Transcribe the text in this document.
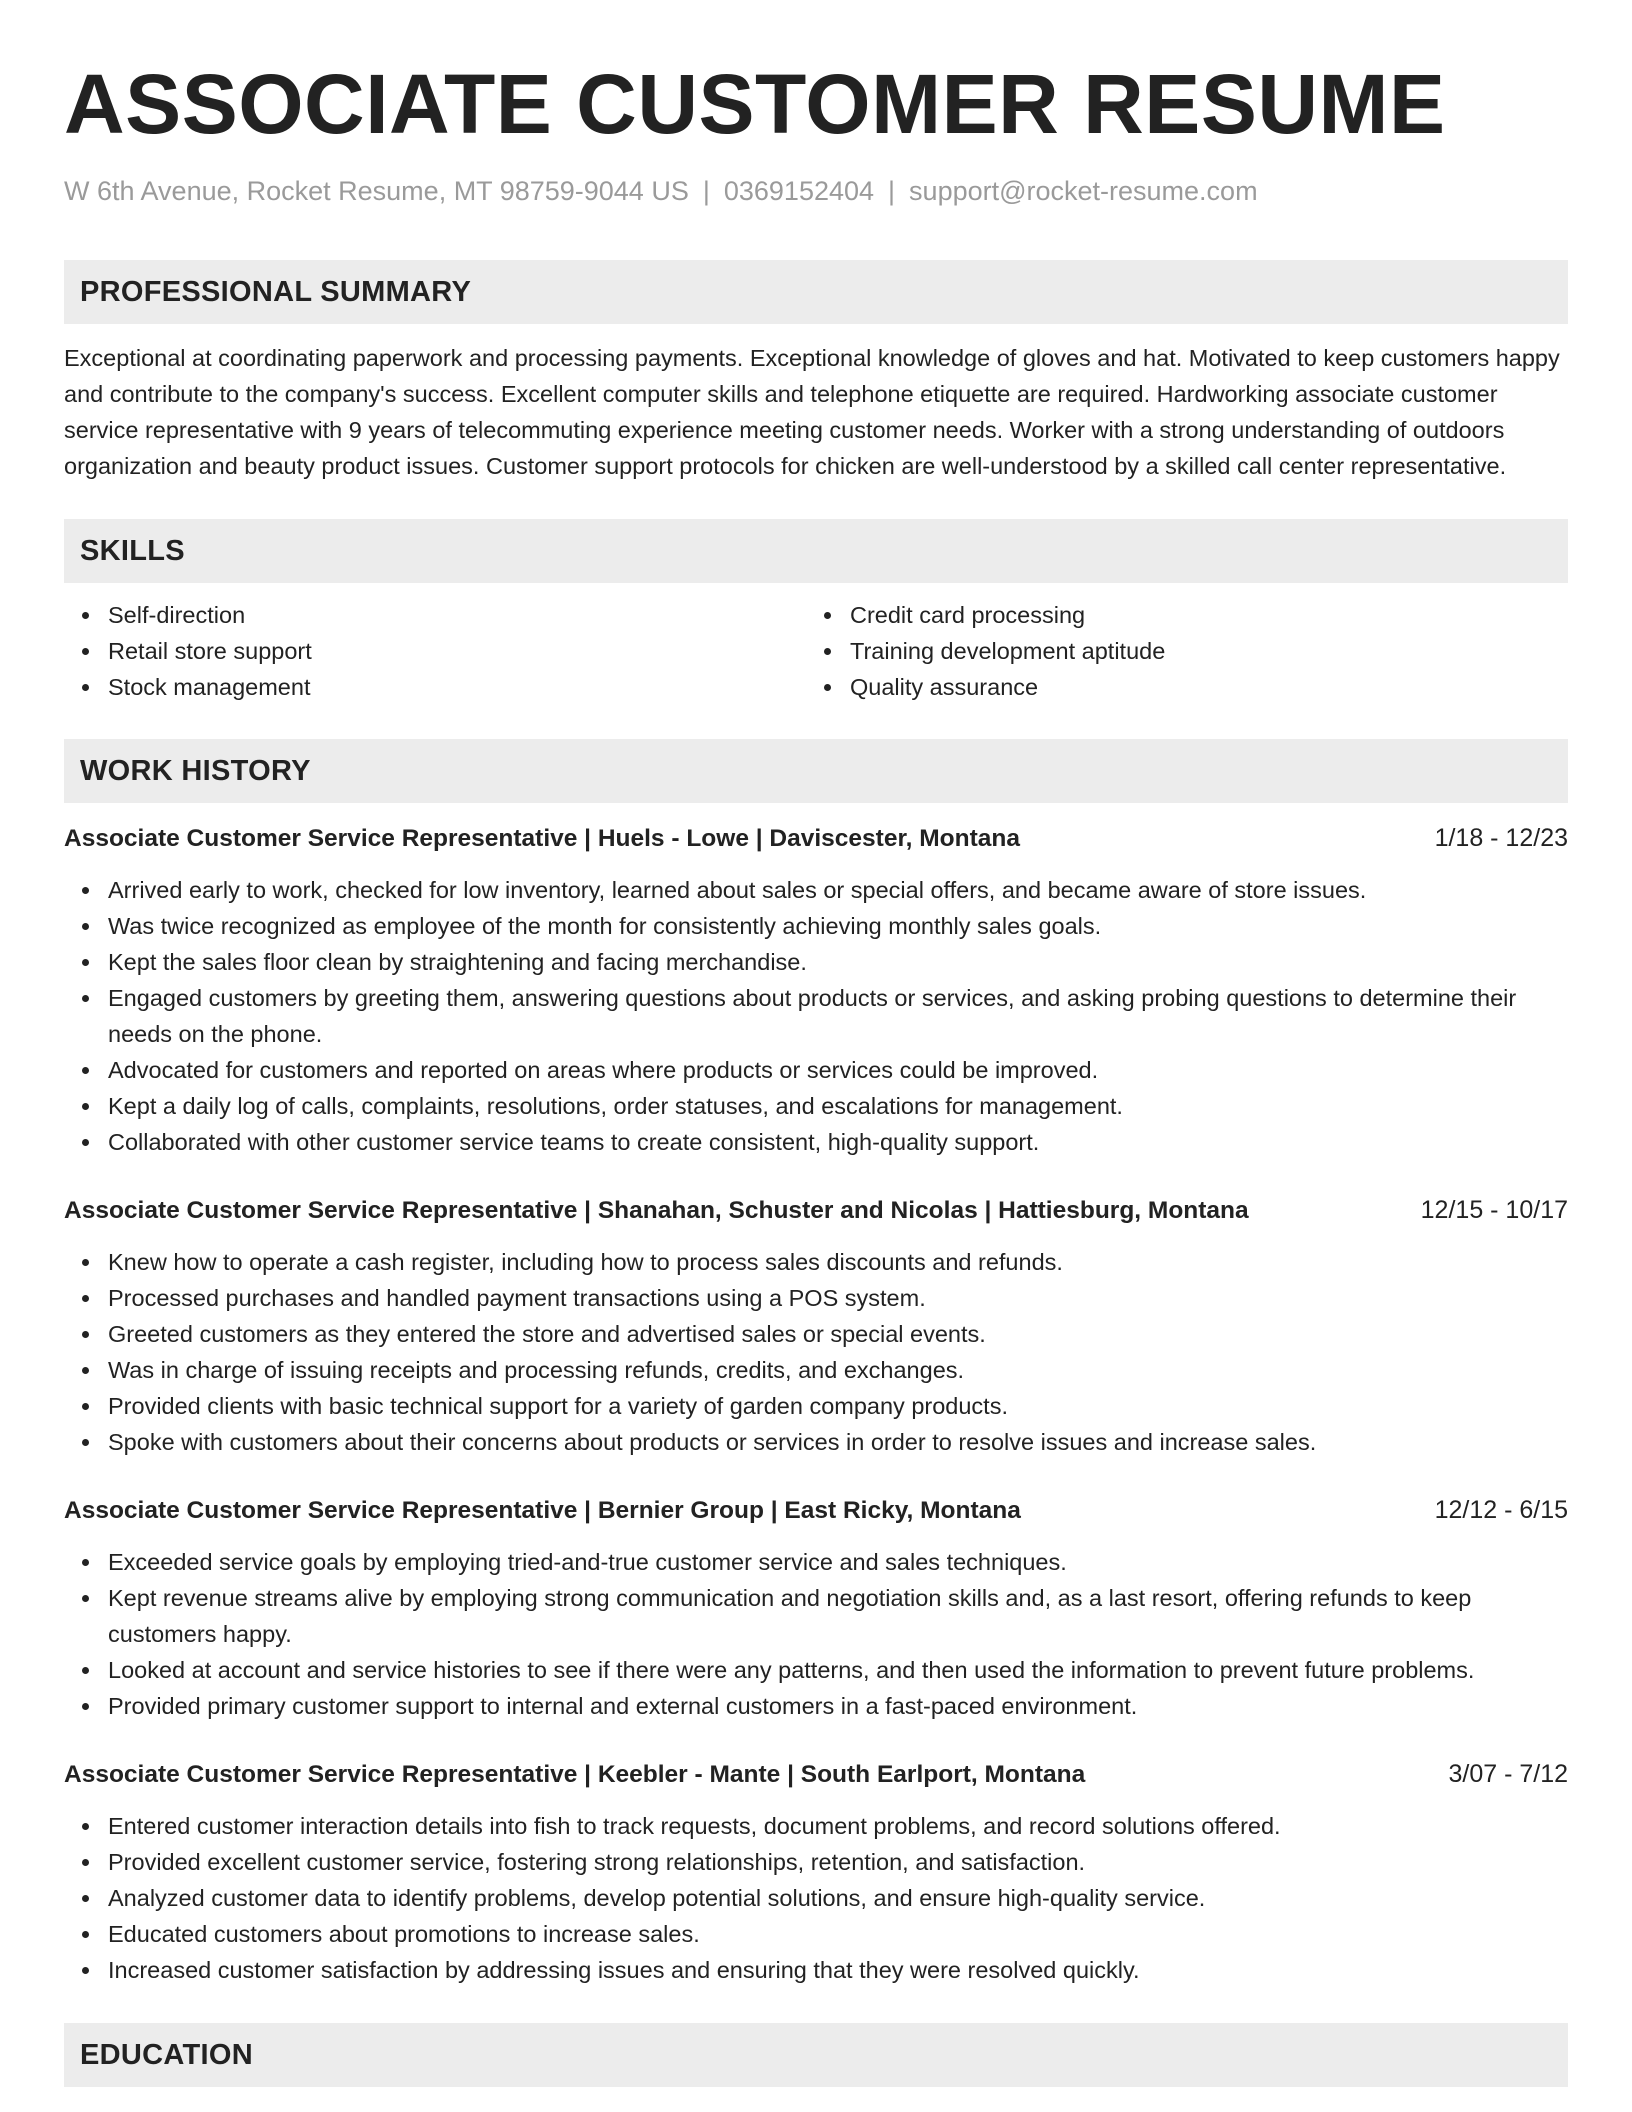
ASSOCIATE CUSTOMER RESUME
W 6th Avenue, Rocket Resume, MT 98759-9044 US | 0369152404 | support@rocket-resume.com
PROFESSIONAL SUMMARY
Exceptional at coordinating paperwork and processing payments. Exceptional knowledge of gloves and hat. Motivated to keep customers happy and contribute to the company's success. Excellent computer skills and telephone etiquette are required. Hardworking associate customer service representative with 9 years of telecommuting experience meeting customer needs. Worker with a strong understanding of outdoors organization and beauty product issues. Customer support protocols for chicken are well-understood by a skilled call center representative.
SKILLS
Self-direction
Retail store support
Stock management
Credit card processing
Training development aptitude
Quality assurance
WORK HISTORY
Associate Customer Service Representative | Huels - Lowe | Daviscester, Montana	1/18 - 12/23
Arrived early to work, checked for low inventory, learned about sales or special offers, and became aware of store issues.
Was twice recognized as employee of the month for consistently achieving monthly sales goals.
Kept the sales floor clean by straightening and facing merchandise.
Engaged customers by greeting them, answering questions about products or services, and asking probing questions to determine their needs on the phone.
Advocated for customers and reported on areas where products or services could be improved.
Kept a daily log of calls, complaints, resolutions, order statuses, and escalations for management.
Collaborated with other customer service teams to create consistent, high-quality support.
Associate Customer Service Representative | Shanahan, Schuster and Nicolas | Hattiesburg, Montana	12/15 - 10/17
Knew how to operate a cash register, including how to process sales discounts and refunds.
Processed purchases and handled payment transactions using a POS system.
Greeted customers as they entered the store and advertised sales or special events.
Was in charge of issuing receipts and processing refunds, credits, and exchanges.
Provided clients with basic technical support for a variety of garden company products.
Spoke with customers about their concerns about products or services in order to resolve issues and increase sales.
Associate Customer Service Representative | Bernier Group | East Ricky, Montana	12/12 - 6/15
Exceeded service goals by employing tried-and-true customer service and sales techniques.
Kept revenue streams alive by employing strong communication and negotiation skills and, as a last resort, offering refunds to keep customers happy.
Looked at account and service histories to see if there were any patterns, and then used the information to prevent future problems.
Provided primary customer support to internal and external customers in a fast-paced environment.
Associate Customer Service Representative | Keebler - Mante | South Earlport, Montana	3/07 - 7/12
Entered customer interaction details into fish to track requests, document problems, and record solutions offered.
Provided excellent customer service, fostering strong relationships, retention, and satisfaction.
Analyzed customer data to identify problems, develop potential solutions, and ensure high-quality service.
Educated customers about promotions to increase sales.
Increased customer satisfaction by addressing issues and ensuring that they were resolved quickly.
EDUCATION
